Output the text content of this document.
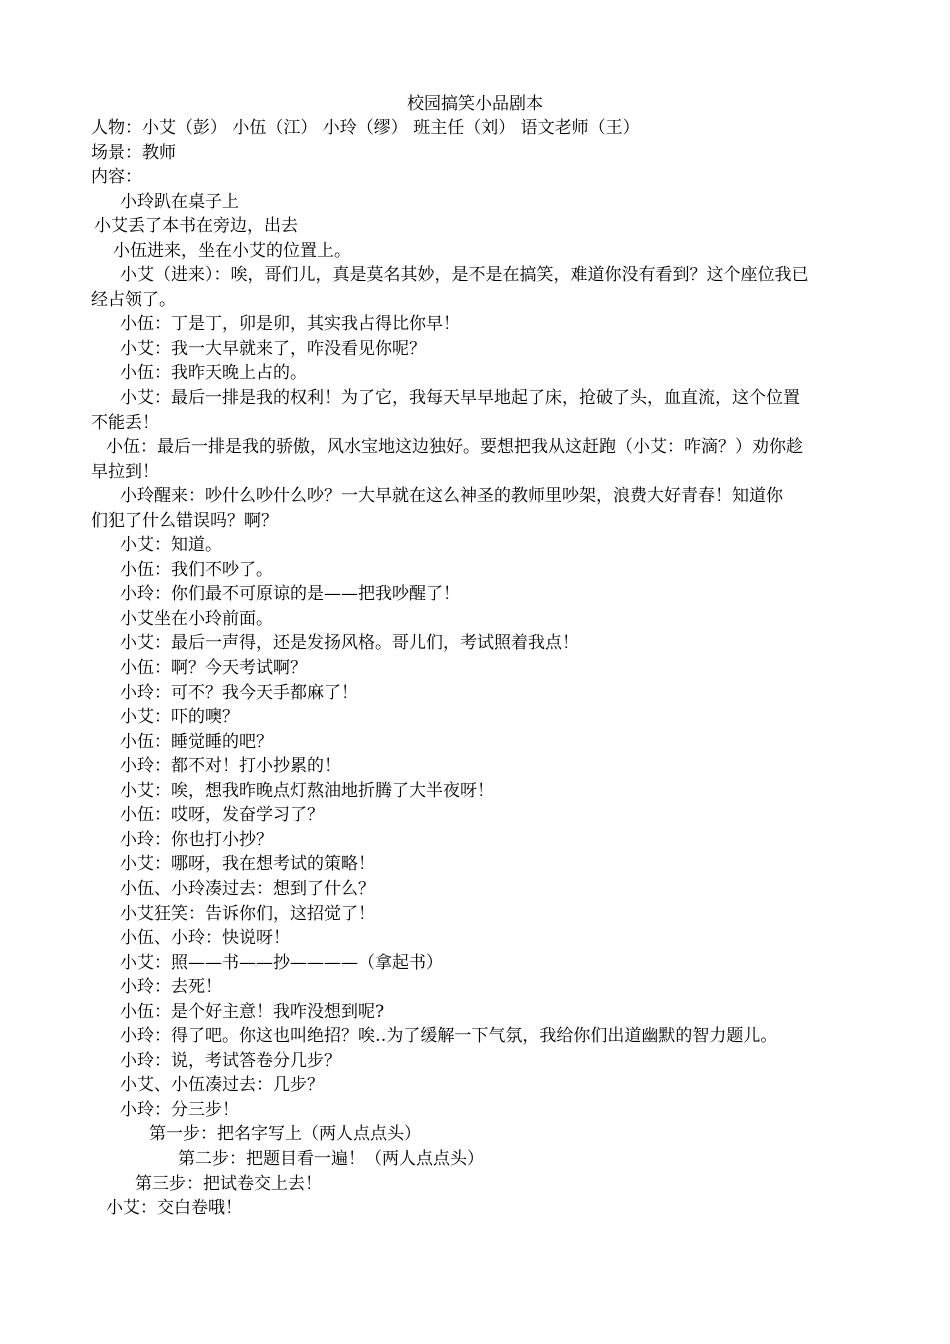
校园搞笑小品剧本
人物：小艾（彭） 小伍（江） 小玲（缪） 班主任（刘） 语文老师（王）
场景：教师
内容：
小玲趴在桌子上
小艾丢了本书在旁边，出去
小伍进来，坐在小艾的位置上。
小艾（进来）：唉，哥们儿，真是莫名其妙，是不是在搞笑，难道你没有看到？这个座位我已
经占领了。
小伍：丁是丁，卯是卯，其实我占得比你早！
小艾：我一大早就来了，咋没看见你呢？
小伍：我昨天晚上占的。
小艾：最后一排是我的权利！为了它，我每天早早地起了床，抢破了头，血直流，这个位置
不能丢！
小伍：最后一排是我的骄傲，风水宝地这边独好。要想把我从这赶跑（小艾：咋滴？）劝你趁
早拉到！
小玲醒来：吵什么吵什么吵？一大早就在这么神圣的教师里吵架，浪费大好青春！知道你
们犯了什么错误吗？啊？
小艾：知道。
小伍：我们不吵了。
小玲：你们最不可原谅的是——把我吵醒了！
小艾坐在小玲前面。
小艾：最后一声得，还是发扬风格。哥儿们，考试照着我点！
小伍：啊？今天考试啊？
小玲：可不？我今天手都麻了！
小艾：吓的噢？
小伍：睡觉睡的吧？
小玲：都不对！打小抄累的！
小艾：唉，想我昨晚点灯熬油地折腾了大半夜呀！
小伍：哎呀，发奋学习了？
小玲：你也打小抄？
小艾：哪呀，我在想考试的策略！
小伍、小玲凑过去：想到了什么？
小艾狂笑：告诉你们，这招觉了！
小伍、小玲：快说呀！
小艾：照——书——抄————（拿起书）
小玲：去死！
小伍：是个好主意！我咋没想到呢?
小玲：得了吧。你这也叫绝招？唉‥为了缓解一下气氛，我给你们出道幽默的智力题儿。
小玲：说，考试答卷分几步？
小艾、小伍凑过去：几步？
小玲：分三步！
第一步：把名字写上（两人点点头）
第二步：把题目看一遍！（两人点点头）
第三步：把试卷交上去！
小艾：交白卷哦！
